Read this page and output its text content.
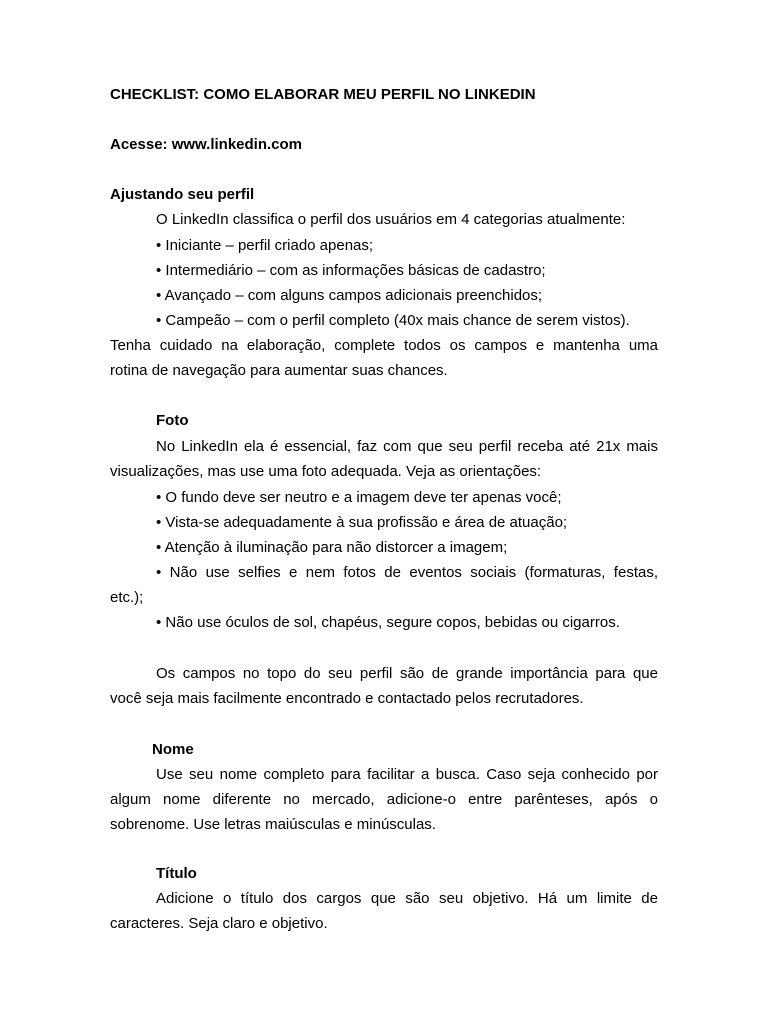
CHECKLIST: COMO ELABORAR MEU PERFIL NO LINKEDIN
Acesse: www.linkedin.com
Ajustando seu perfil
O LinkedIn classifica o perfil dos usuários em 4 categorias atualmente:
• Iniciante – perfil criado apenas;
• Intermediário – com as informações básicas de cadastro;
• Avançado – com alguns campos adicionais preenchidos;
• Campeão – com o perfil completo (40x mais chance de serem vistos).
Tenha cuidado na elaboração, complete todos os campos e mantenha uma
rotina de navegação para aumentar suas chances.
Foto
No LinkedIn ela é essencial, faz com que seu perfil receba até 21x mais
visualizações, mas use uma foto adequada. Veja as orientações:
• O fundo deve ser neutro e a imagem deve ter apenas você;
• Vista-se adequadamente à sua profissão e área de atuação;
• Atenção à iluminação para não distorcer a imagem;
• Não use selfies e nem fotos de eventos sociais (formaturas, festas,
etc.);
• Não use óculos de sol, chapéus, segure copos, bebidas ou cigarros.
Os campos no topo do seu perfil são de grande importância para que
você seja mais facilmente encontrado e contactado pelos recrutadores.
Nome
Use seu nome completo para facilitar a busca. Caso seja conhecido por
algum nome diferente no mercado, adicione-o entre parênteses, após o
sobrenome. Use letras maiúsculas e minúsculas.
Título
Adicione o título dos cargos que são seu objetivo. Há um limite de
caracteres. Seja claro e objetivo.
